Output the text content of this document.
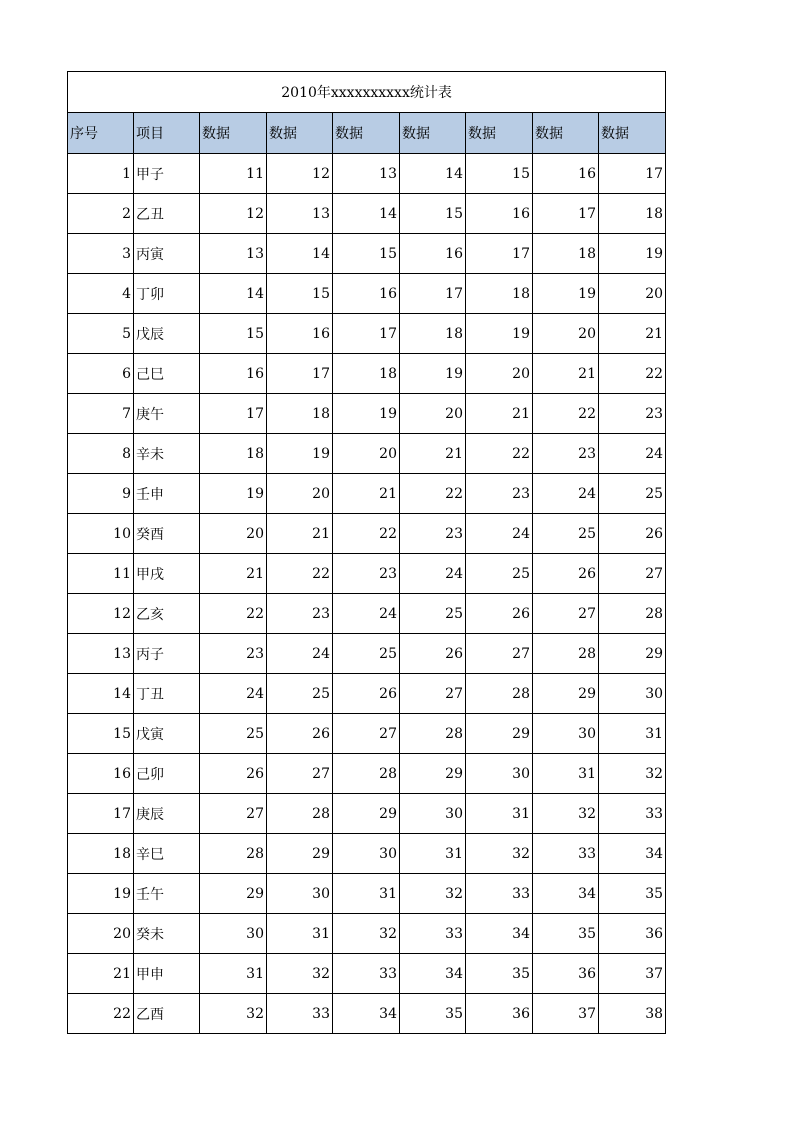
2010年xxxxxxxxxx统计表								
序号	项目	数据	数据	数据	数据	数据	数据	数据
1	甲子	11	12	13	14	15	16	17
2	乙丑	12	13	14	15	16	17	18
3	丙寅	13	14	15	16	17	18	19
4	丁卯	14	15	16	17	18	19	20
5	戊辰	15	16	17	18	19	20	21
6	己巳	16	17	18	19	20	21	22
7	庚午	17	18	19	20	21	22	23
8	辛未	18	19	20	21	22	23	24
9	壬申	19	20	21	22	23	24	25
10	癸酉	20	21	22	23	24	25	26
11	甲戌	21	22	23	24	25	26	27
12	乙亥	22	23	24	25	26	27	28
13	丙子	23	24	25	26	27	28	29
14	丁丑	24	25	26	27	28	29	30
15	戊寅	25	26	27	28	29	30	31
16	己卯	26	27	28	29	30	31	32
17	庚辰	27	28	29	30	31	32	33
18	辛巳	28	29	30	31	32	33	34
19	壬午	29	30	31	32	33	34	35
20	癸未	30	31	32	33	34	35	36
21	甲申	31	32	33	34	35	36	37
22	乙酉	32	33	34	35	36	37	38
